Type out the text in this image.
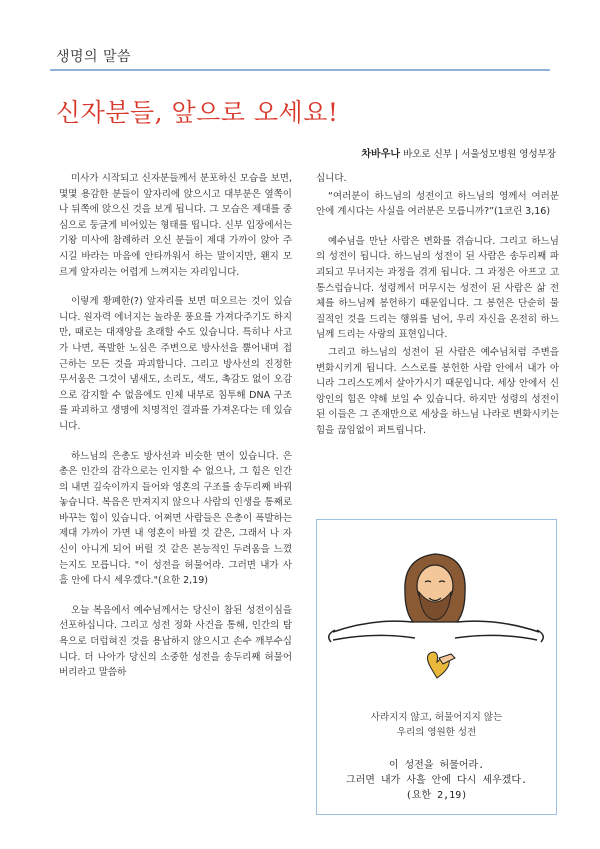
생명의 말씀
신자분들, 앞으로 오세요!
차바우나 바오로 신부 | 서울성모병원 영성부장

미사가 시작되고 신자분들께서 분포하신 모습을 보면, 몇몇 용감한 분들이 앞자리에 앉으시고 대부분은 옆쪽이나 뒤쪽에 앉으신 것을 보게 됩니다. 그 모습은 제대를 중심으로 둥글게 비어있는 형태를 띱니다. 신부 입장에서는 기왕 미사에 참례하러 오신 분들이 제대 가까이 앉아 주시길 바라는 마음에 안타까워서 하는 말이지만, 왠지 모르게 앞자리는 어렵게 느껴지는 자리입니다.

이렇게 황폐한(?) 앞자리를 보면 떠오르는 것이 있습니다. 원자력 에너지는 놀라운 풍요를 가져다주기도 하지만, 때로는 대재앙을 초래할 수도 있습니다. 특히나 사고가 나면, 폭발한 노심은 주변으로 방사선을 뿜어내며 접근하는 모든 것을 파괴합니다. 그리고 방사선의 진정한 무서움은 그것이 냄새도, 소리도, 색도, 촉감도 없이 오감으로 감지할 수 없음에도 인체 내부로 침투해 DNA 구조를 파괴하고 생명에 치명적인 결과를 가져온다는 데 있습니다.

하느님의 은총도 방사선과 비슷한 면이 있습니다. 은총은 인간의 감각으로는 인지할 수 없으나, 그 힘은 인간의 내면 깊숙이까지 들어와 영혼의 구조를 송두리째 바꿔놓습니다. 복음은 만져지지 않으나 사람의 인생을 통째로 바꾸는 힘이 있습니다. 어쩌면 사람들은 은총이 폭발하는 제대 가까이 가면 내 영혼이 바뀔 것 같은, 그래서 나 자신이 아니게 되어 버릴 것 같은 본능적인 두려움을 느꼈는지도 모릅니다. "이 성전을 허물어라. 그러면 내가 사흘 안에 다시 세우겠다."(요한 2,19)

오늘 복음에서 예수님께서는 당신이 참된 성전이심을 선포하십니다. 그리고 성전 정화 사건을 통해, 인간의 탐욕으로 더럽혀진 것을 용납하지 않으시고 손수 깨부수십니다. 더 나아가 당신의 소중한 성전을 송두리째 허물어 버리라고 말씀하

십니다.

“여러분이 하느님의 성전이고 하느님의 영께서 여러분 안에 계시다는 사실을 여러분은 모릅니까?”(1코린 3,16)

예수님을 만난 사람은 변화를 겪습니다. 그리고 하느님의 성전이 됩니다. 하느님의 성전이 된 사람은 송두리째 파괴되고 무너지는 과정을 겪게 됩니다. 그 과정은 아프고 고통스럽습니다. 성령께서 머무시는 성전이 된 사람은 삶 전체를 하느님께 봉헌하기 때문입니다. 그 봉헌은 단순히 물질적인 것을 드리는 행위를 넘어, 우리 자신을 온전히 하느님께 드리는 사랑의 표현입니다.

그리고 하느님의 성전이 된 사람은 예수님처럼 주변을 변화시키게 됩니다. 스스로를 봉헌한 사람 안에서 내가 아니라 그리스도께서 살아가시기 때문입니다. 세상 안에서 신앙인의 힘은 약해 보일 수 있습니다. 하지만 성령의 성전이 된 이들은 그 존재만으로 세상을 하느님 나라로 변화시키는 힘을 끊임없이 퍼트립니다.

사라지지 않고, 허물어지지 않는
우리의 영원한 성전
이 성전을 허물어라.
그러면 내가 사흘 안에 다시 세우겠다.
(요한 2,19)
